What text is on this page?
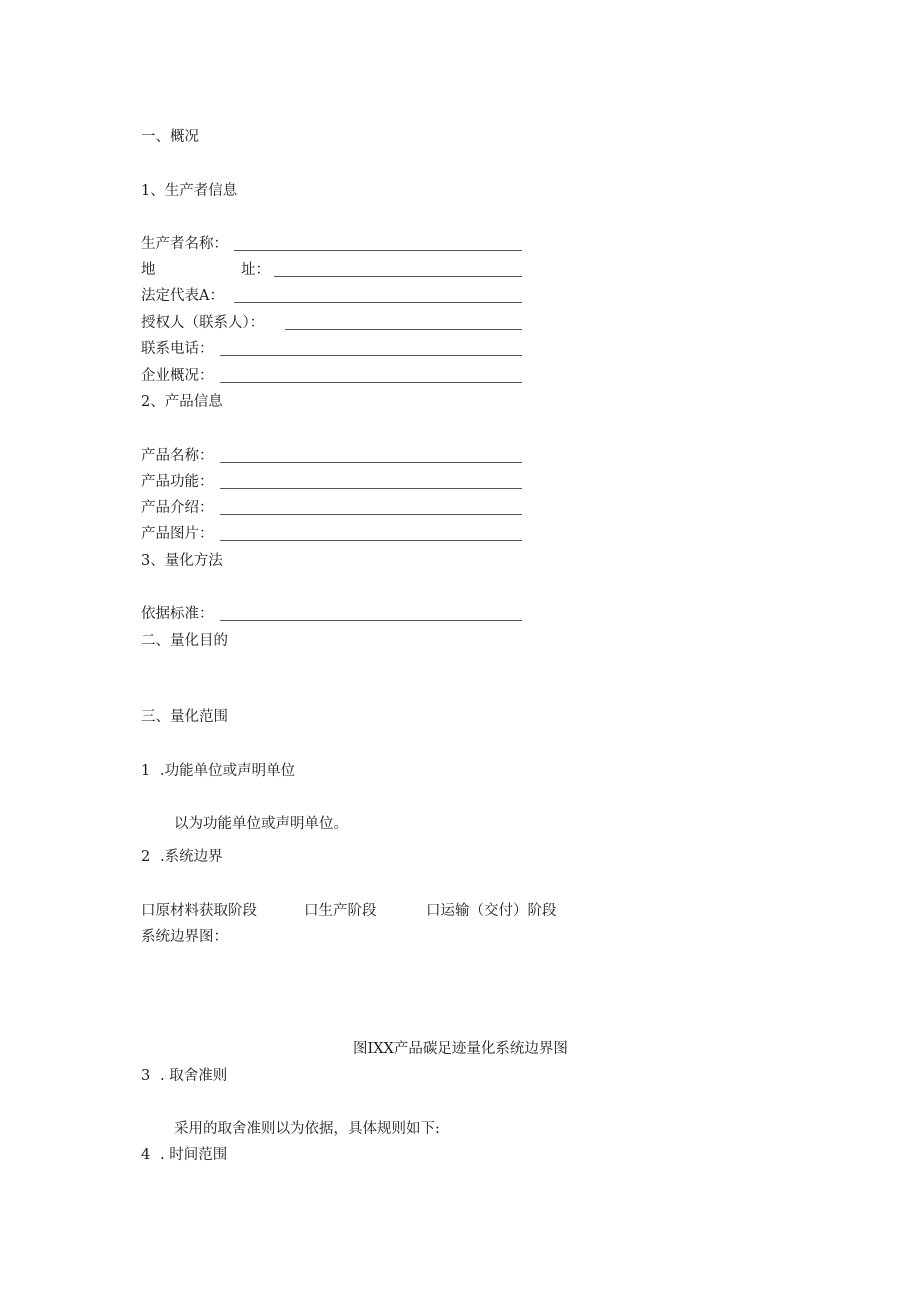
一、概况
1、生产者信息
生产者名称：
地	址：
法定代表A：
授权人（联系人）：
联系电话：
企业概况：
2、产品信息
产品名称：
产品功能：
产品介绍：
产品图片：
3、量化方法
依据标准：
二、量化目的
三、量化范围
1 .功能单位或声明单位
以为功能单位或声明单位。
2 .系统边界
口原材料获取阶段	口生产阶段	口运输（交付）阶段
系统边界图：
图IXX产品碳足迹量化系统边界图
3 . 取舍准则
采用的取舍准则以为依据，具体规则如下:
4 . 时间范围
